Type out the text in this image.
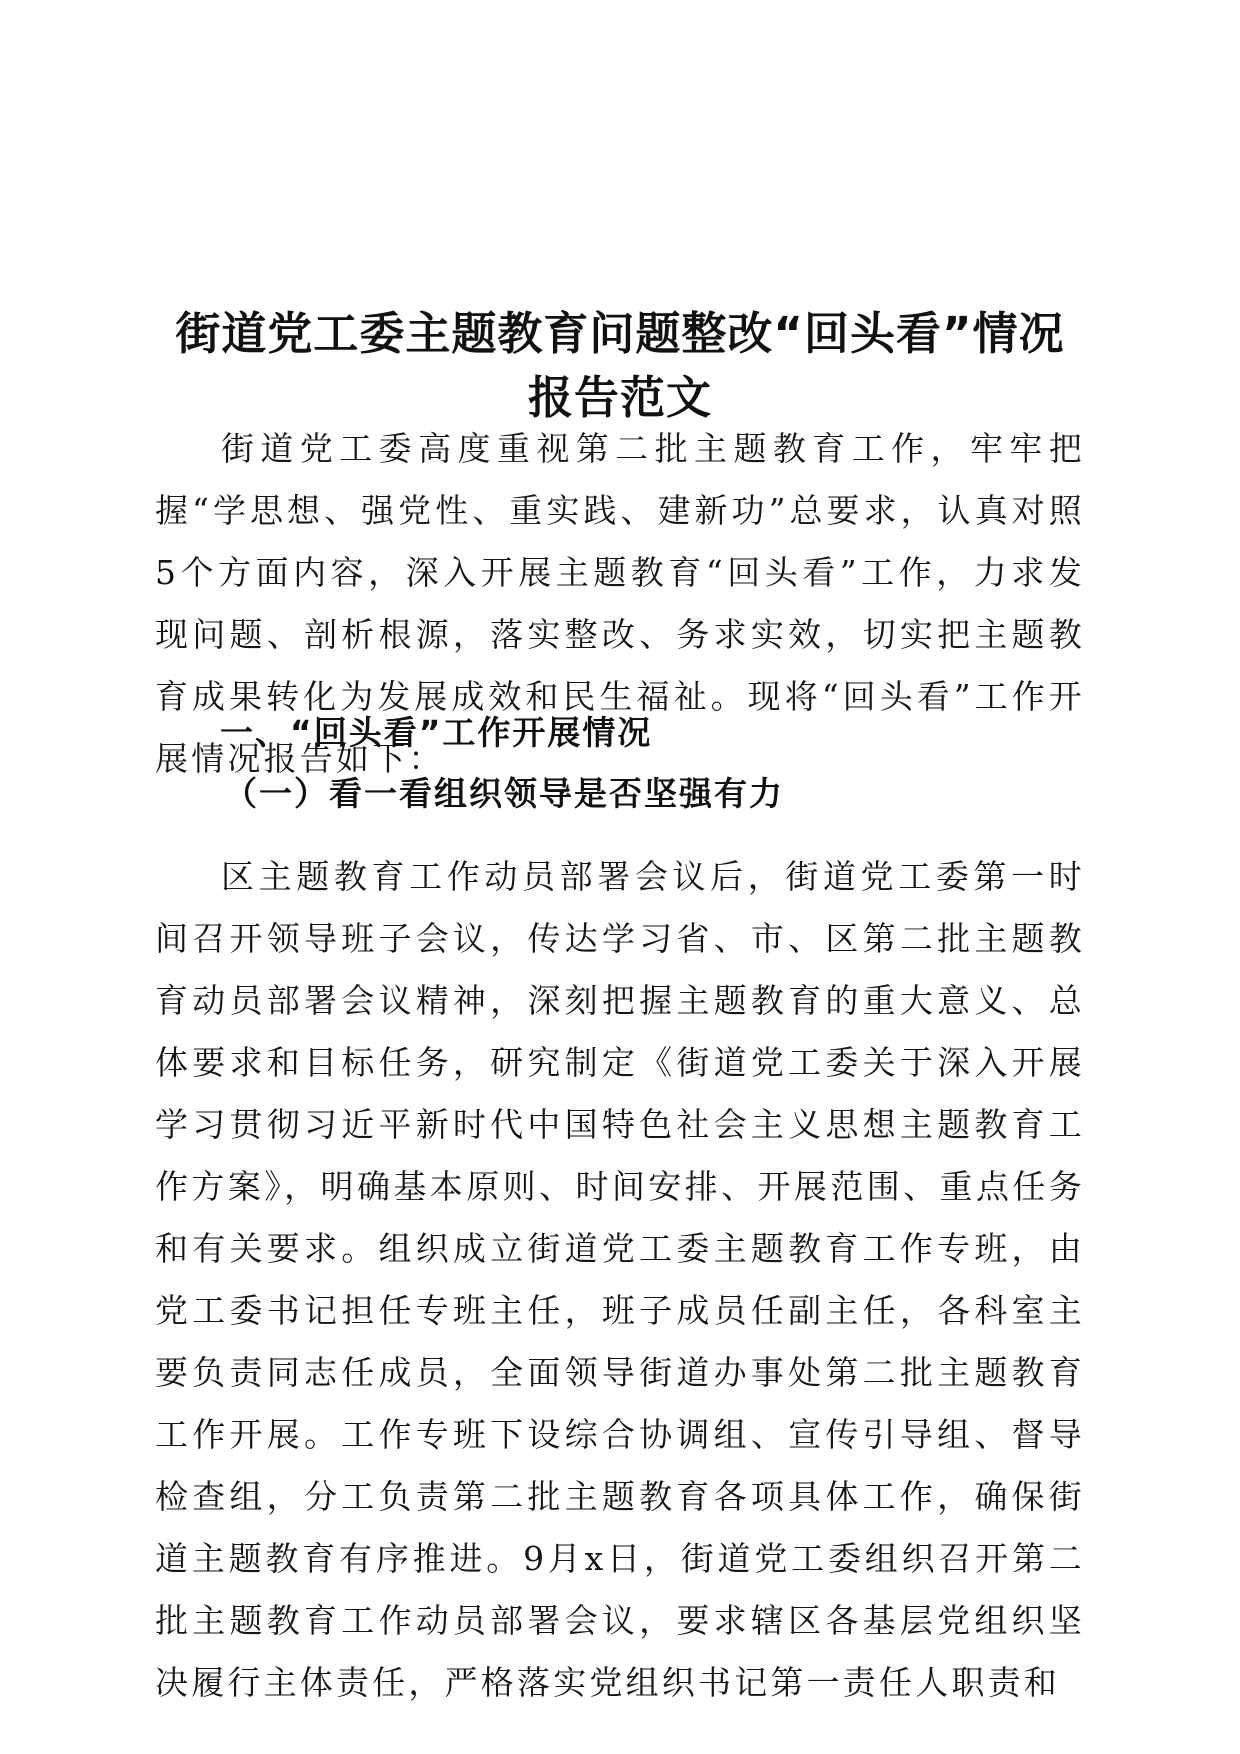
街道党工委主题教育问题整改“回头看”情况
报告范文

街道党工委高度重视第二批主题教育工作，牢牢把握“学思想、强党性、重实践、建新功”总要求，认真对照5个方面内容，深入开展主题教育“回头看”工作，力求发现问题、剖析根源，落实整改、务求实效，切实把主题教育成果转化为发展成效和民生福祉。现将“回头看”工作开展情况报告如下：

一、“回头看”工作开展情况
（一）看一看组织领导是否坚强有力

区主题教育工作动员部署会议后，街道党工委第一时间召开领导班子会议，传达学习省、市、区第二批主题教育动员部署会议精神，深刻把握主题教育的重大意义、总体要求和目标任务，研究制定《街道党工委关于深入开展学习贯彻习近平新时代中国特色社会主义思想主题教育工作方案》，明确基本原则、时间安排、开展范围、重点任务和有关要求。组织成立街道党工委主题教育工作专班，由党工委书记担任专班主任，班子成员任副主任，各科室主要负责同志任成员，全面领导街道办事处第二批主题教育工作开展。工作专班下设综合协调组、宣传引导组、督导检查组，分工负责第二批主题教育各项具体工作，确保街道主题教育有序推进。9月x日，街道党工委组织召开第二批主题教育工作动员部署会议，要求辖区各基层党组织坚决履行主体责任，严格落实党组织书记第一责任人职责和
